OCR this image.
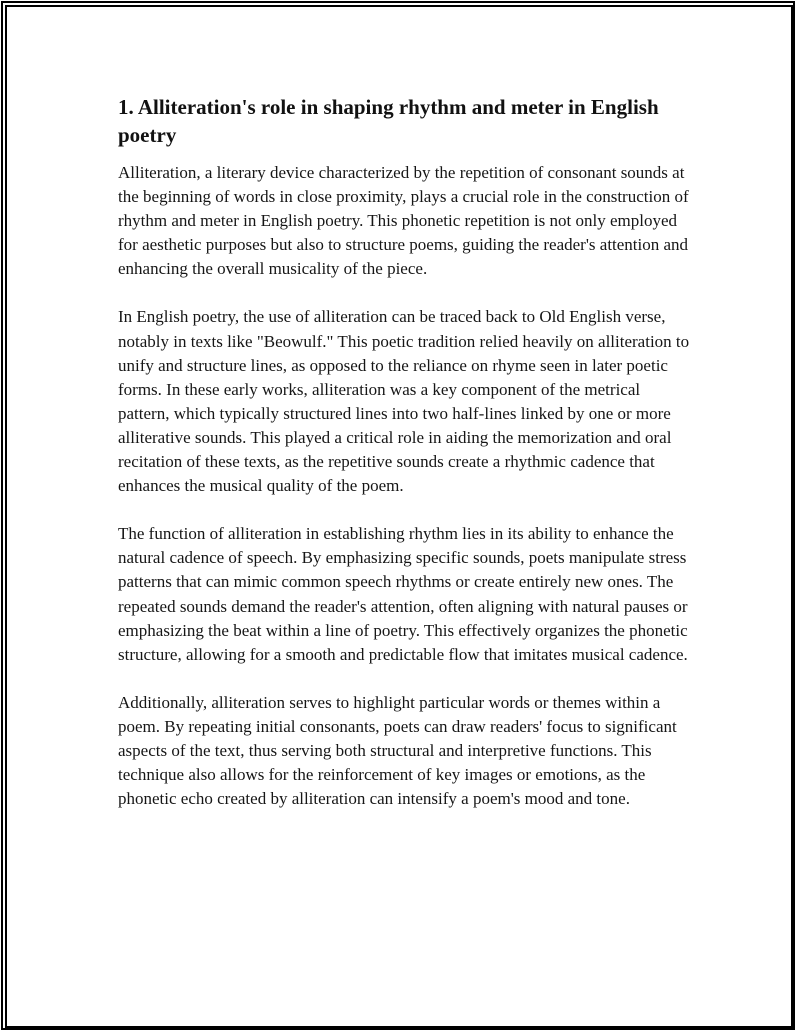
1. Alliteration's role in shaping rhythm and meter in English poetry

Alliteration, a literary device characterized by the repetition of consonant sounds at the beginning of words in close proximity, plays a crucial role in the construction of rhythm and meter in English poetry. This phonetic repetition is not only employed for aesthetic purposes but also to structure poems, guiding the reader's attention and enhancing the overall musicality of the piece.

In English poetry, the use of alliteration can be traced back to Old English verse, notably in texts like "Beowulf." This poetic tradition relied heavily on alliteration to unify and structure lines, as opposed to the reliance on rhyme seen in later poetic forms. In these early works, alliteration was a key component of the metrical pattern, which typically structured lines into two half-lines linked by one or more alliterative sounds. This played a critical role in aiding the memorization and oral recitation of these texts, as the repetitive sounds create a rhythmic cadence that enhances the musical quality of the poem.

The function of alliteration in establishing rhythm lies in its ability to enhance the natural cadence of speech. By emphasizing specific sounds, poets manipulate stress patterns that can mimic common speech rhythms or create entirely new ones. The repeated sounds demand the reader's attention, often aligning with natural pauses or emphasizing the beat within a line of poetry. This effectively organizes the phonetic structure, allowing for a smooth and predictable flow that imitates musical cadence.

Additionally, alliteration serves to highlight particular words or themes within a poem. By repeating initial consonants, poets can draw readers' focus to significant aspects of the text, thus serving both structural and interpretive functions. This technique also allows for the reinforcement of key images or emotions, as the phonetic echo created by alliteration can intensify a poem's mood and tone.
